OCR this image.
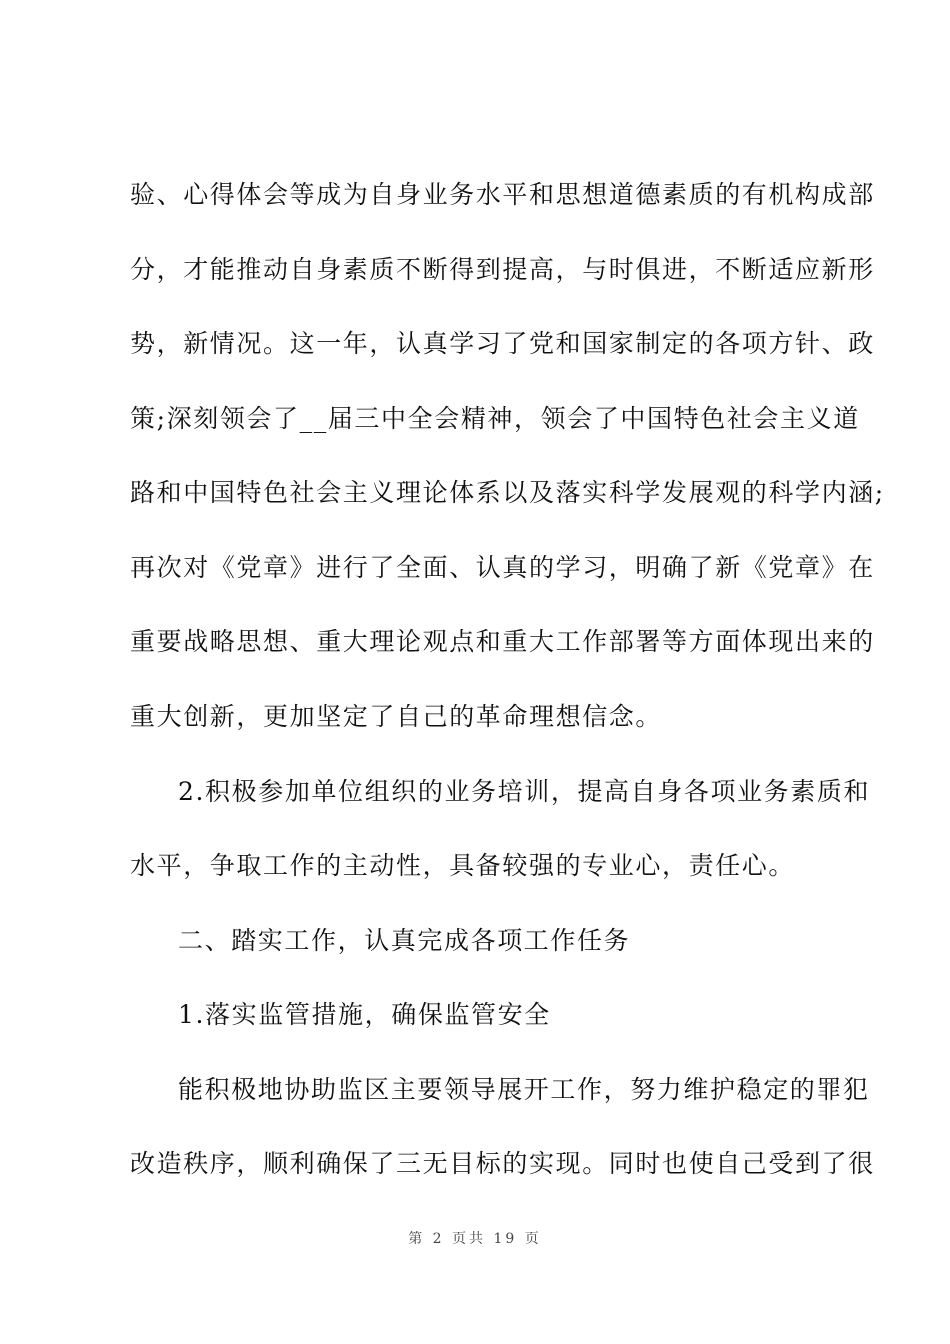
验、心得体会等成为自身业务水平和思想道德素质的有机构成部
分，才能推动自身素质不断得到提高，与时俱进，不断适应新形
势，新情况。这一年，认真学习了党和国家制定的各项方针、政
策;深刻领会了__届三中全会精神，领会了中国特色社会主义道
路和中国特色社会主义理论体系以及落实科学发展观的科学内涵;
再次对《党章》进行了全面、认真的学习，明确了新《党章》在
重要战略思想、重大理论观点和重大工作部署等方面体现出来的
重大创新，更加坚定了自己的革命理想信念。
2.积极参加单位组织的业务培训，提高自身各项业务素质和
水平，争取工作的主动性，具备较强的专业心，责任心。
二、踏实工作，认真完成各项工作任务
1.落实监管措施，确保监管安全
能积极地协助监区主要领导展开工作，努力维护稳定的罪犯
改造秩序，顺利确保了三无目标的实现。同时也使自己受到了很
第 2 页共 19 页
